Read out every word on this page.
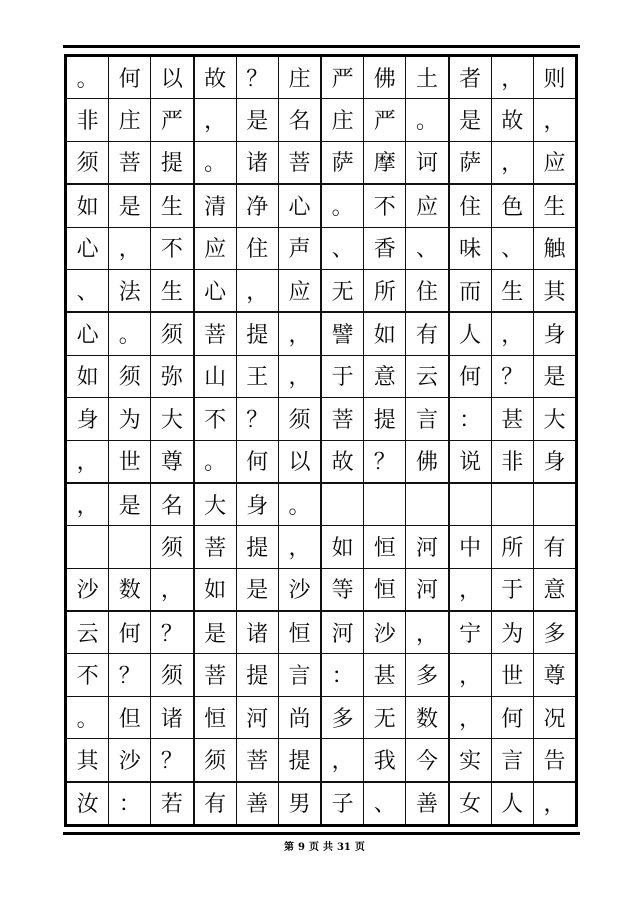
。 何 以 故 ？ 庄 严 佛 土 者 ， 则
非 庄 严 ， 是 名 庄 严 。 是 故 ，
须 菩 提 。 诸 菩 萨 摩 诃 萨 ， 应
如 是 生 清 净 心 。 不 应 住 色 生
心 ， 不 应 住 声 、 香 、 味 、 触
、 法 生 心 ， 应 无 所 住 而 生 其
心 。 须 菩 提 ， 譬 如 有 人 ， 身
如 须 弥 山 王 ， 于 意 云 何 ？ 是
身 为 大 不 ？ 须 菩 提 言 ： 甚 大
， 世 尊 。 何 以 故 ？ 佛 说 非 身
， 是 名 大 身 。
须 菩 提 ， 如 恒 河 中 所 有
沙 数 ， 如 是 沙 等 恒 河 ， 于 意
云 何 ？ 是 诸 恒 河 沙 ， 宁 为 多
不 ？ 须 菩 提 言 ： 甚 多 ， 世 尊
。 但 诸 恒 河 尚 多 无 数 ， 何 况
其 沙 ？ 须 菩 提 ， 我 今 实 言 告
汝 ： 若 有 善 男 子 、 善 女 人 ，
第 9 页 共 31 页
